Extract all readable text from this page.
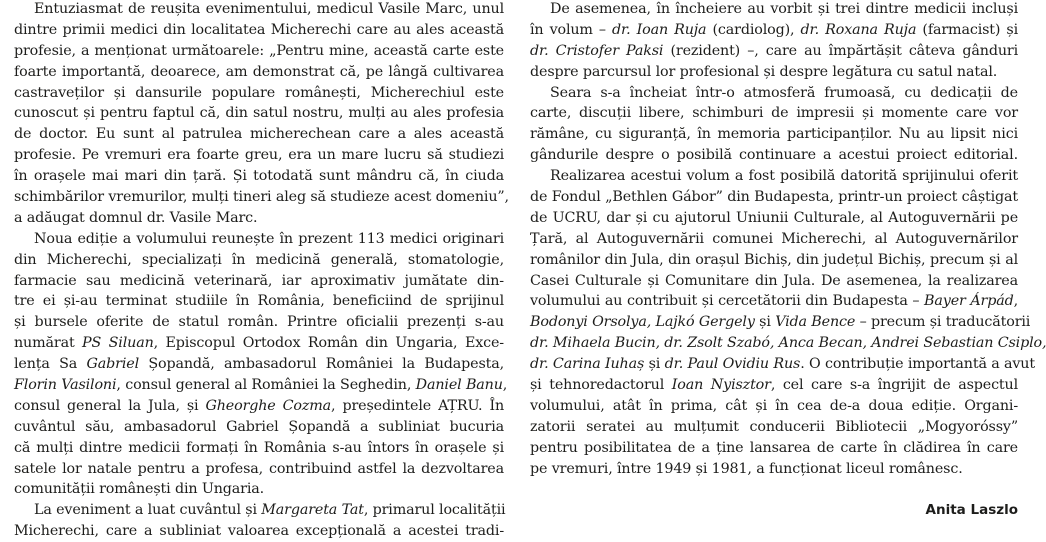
Entuziasmat de reușita evenimentului, medicul Vasile Marc, unul
dintre primii medici din localitatea Micherechi care au ales această
profesie, a menționat următoarele: „Pentru mine, această carte este
foarte importantă, deoarece, am demonstrat că, pe lângă cultivarea
castraveților și dansurile populare românești, Micherechiul este
cunoscut și pentru faptul că, din satul nostru, mulți au ales profesia
de doctor. Eu sunt al patrulea micherechean care a ales această
profesie. Pe vremuri era foarte greu, era un mare lucru să studiezi
în orașele mai mari din țară. Și totodată sunt mândru că, în ciuda
schimbărilor vremurilor, mulți tineri aleg să studieze acest domeniu”,
a adăugat domnul dr. Vasile Marc.
Noua ediție a volumului reunește în prezent 113 medici originari
din Micherechi, specializați în medicină generală, stomatologie,
farmacie sau medicină veterinară, iar aproximativ jumătate din-
tre ei și-au terminat studiile în România, beneficiind de sprijinul
și bursele oferite de statul român. Printre oficialii prezenți s-au
numărat PS Siluan, Episcopul Ortodox Român din Ungaria, Exce-
lența Sa Gabriel Șopandă, ambasadorul României la Budapesta,
Florin Vasiloni, consul general al României la Seghedin, Daniel Banu,
consul general la Jula, și Gheorghe Cozma, președintele AȚRU. În
cuvântul său, ambasadorul Gabriel Șopandă a subliniat bucuria
că mulți dintre medicii formați în România s-au întors în orașele și
satele lor natale pentru a profesa, contribuind astfel la dezvoltarea
comunității românești din Ungaria.
La eveniment a luat cuvântul și Margareta Tat, primarul localității
Micherechi, care a subliniat valoarea excepțională a acestei tradi-
De asemenea, în încheiere au vorbit și trei dintre medicii incluși
în volum – dr. Ioan Ruja (cardiolog), dr. Roxana Ruja (farmacist) și
dr. Cristofer Paksi (rezident) –, care au împărtășit câteva gânduri
despre parcursul lor profesional și despre legătura cu satul natal.
Seara s-a încheiat într-o atmosferă frumoasă, cu dedicații de
carte, discuții libere, schimburi de impresii și momente care vor
rămâne, cu siguranță, în memoria participanților. Nu au lipsit nici
gândurile despre o posibilă continuare a acestui proiect editorial.
Realizarea acestui volum a fost posibilă datorită sprijinului oferit
de Fondul „Bethlen Gábor” din Budapesta, printr-un proiect câștigat
de UCRU, dar și cu ajutorul Uniunii Culturale, al Autoguvernării pe
Țară, al Autoguvernării comunei Micherechi, al Autoguvernărilor
românilor din Jula, din orașul Bichiș, din județul Bichiș, precum și al
Casei Culturale și Comunitare din Jula. De asemenea, la realizarea
volumului au contribuit și cercetătorii din Budapesta – Bayer Árpád,
Bodonyi Orsolya, Lajkó Gergely și Vida Bence – precum și traducătorii
dr. Mihaela Bucin, dr. Zsolt Szabó, Anca Becan, Andrei Sebastian Csiplo,
dr. Carina Iuhaș și dr. Paul Ovidiu Rus. O contribuție importantă a avut
și tehnoredactorul Ioan Nyisztor, cel care s-a îngrijit de aspectul
volumului, atât în prima, cât și în cea de-a doua ediție. Organi-
zatorii seratei au mulțumit conducerii Bibliotecii „Mogyoróssy”
pentru posibilitatea de a ține lansarea de carte în clădirea în care
pe vremuri, între 1949 și 1981, a funcționat liceul românesc.
Anita Laszlo
